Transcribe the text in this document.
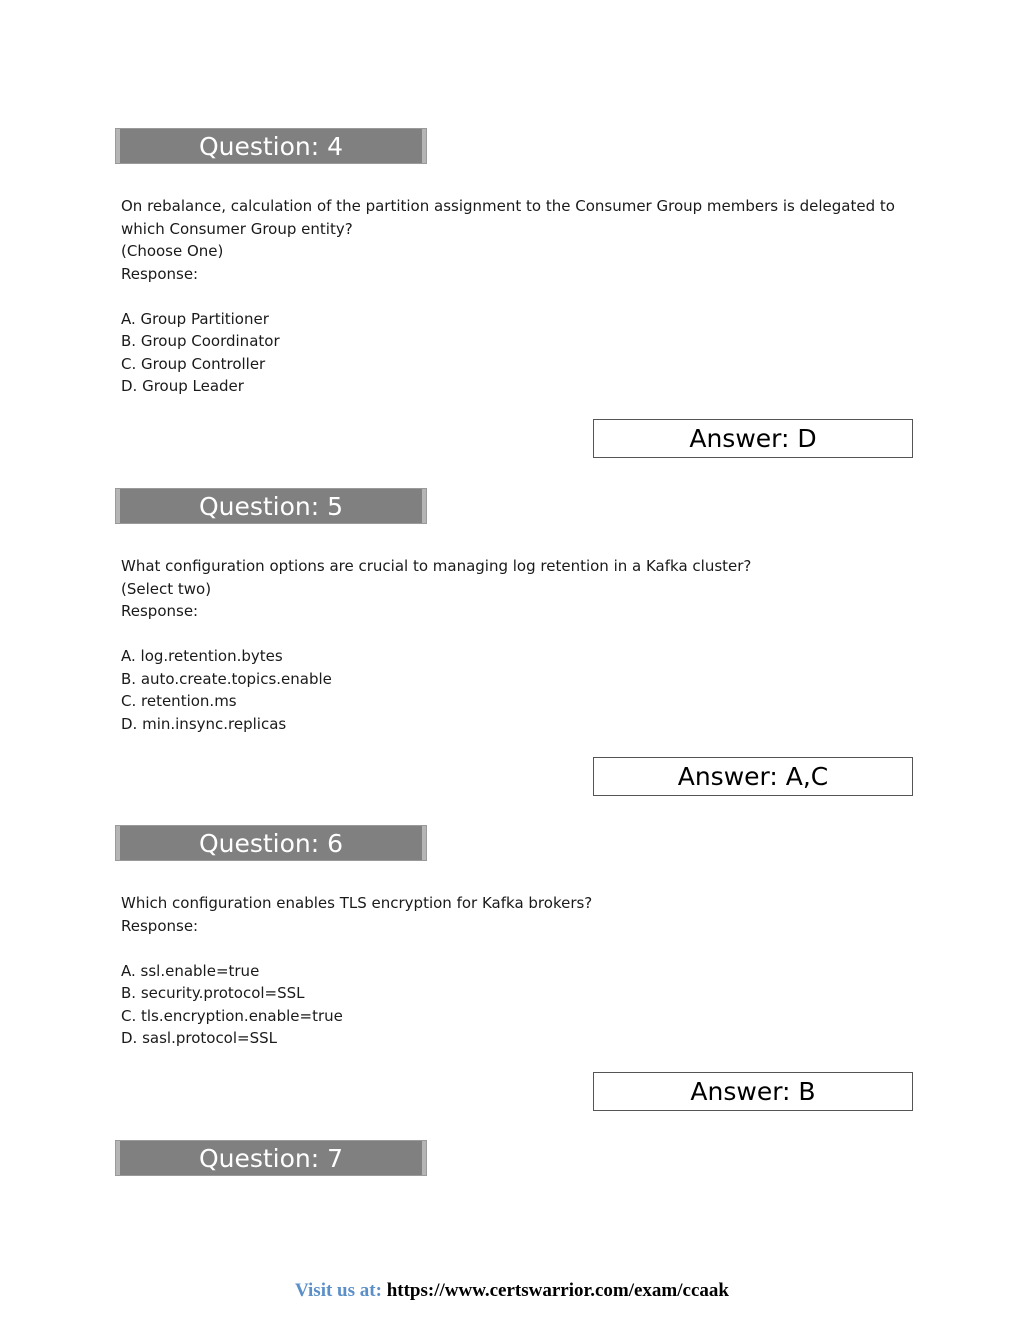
Question: 4
On rebalance, calculation of the partition assignment to the Consumer Group members is delegated to
which Consumer Group entity?
(Choose One)
Response:
A. Group Partitioner
B. Group Coordinator
C. Group Controller
D. Group Leader
Answer: D
Question: 5
What configuration options are crucial to managing log retention in a Kafka cluster?
(Select two)
Response:
A. log.retention.bytes
B. auto.create.topics.enable
C. retention.ms
D. min.insync.replicas
Answer: A,C
Question: 6
Which configuration enables TLS encryption for Kafka brokers?
Response:
A. ssl.enable=true
B. security.protocol=SSL
C. tls.encryption.enable=true
D. sasl.protocol=SSL
Answer: B
Question: 7
Visit us at: https://www.certswarrior.com/exam/ccaak
